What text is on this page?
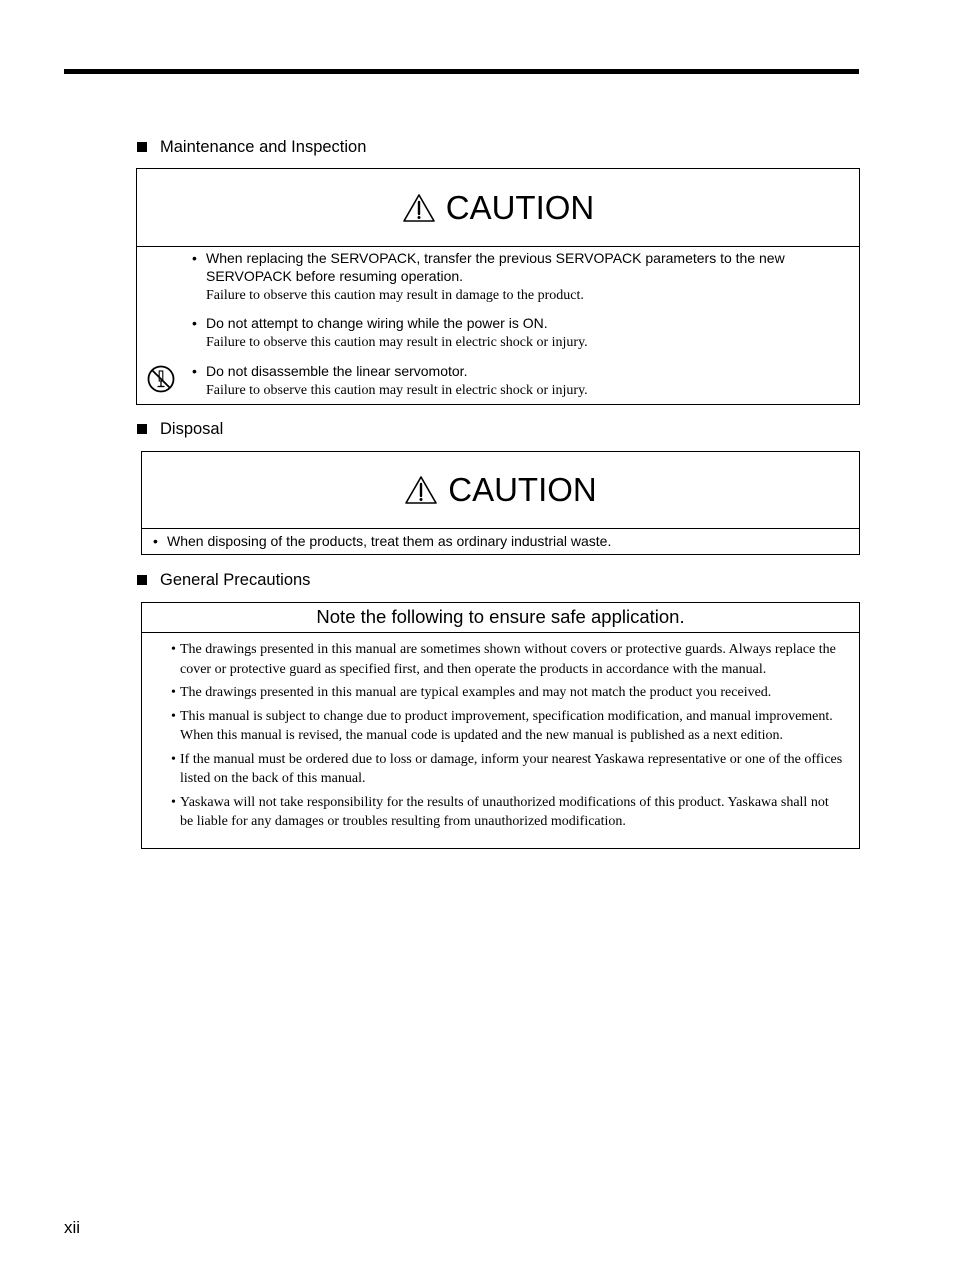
Maintenance and Inspection
CAUTION
• When replacing the SERVOPACK, transfer the previous SERVOPACK parameters to the new SERVOPACK before resuming operation.
Failure to observe this caution may result in damage to the product.
• Do not attempt to change wiring while the power is ON.
Failure to observe this caution may result in electric shock or injury.
• Do not disassemble the linear servomotor.
Failure to observe this caution may result in electric shock or injury.
Disposal
CAUTION
• When disposing of the products, treat them as ordinary industrial waste.
General Precautions
Note the following to ensure safe application.
• The drawings presented in this manual are sometimes shown without covers or protective guards. Always replace the cover or protective guard as specified first, and then operate the products in accordance with the manual.
• The drawings presented in this manual are typical examples and may not match the product you received.
• This manual is subject to change due to product improvement, specification modification, and manual improvement. When this manual is revised, the manual code is updated and the new manual is published as a next edition.
• If the manual must be ordered due to loss or damage, inform your nearest Yaskawa representative or one of the offices listed on the back of this manual.
• Yaskawa will not take responsibility for the results of unauthorized modifications of this product. Yaskawa shall not be liable for any damages or troubles resulting from unauthorized modification.
xii
